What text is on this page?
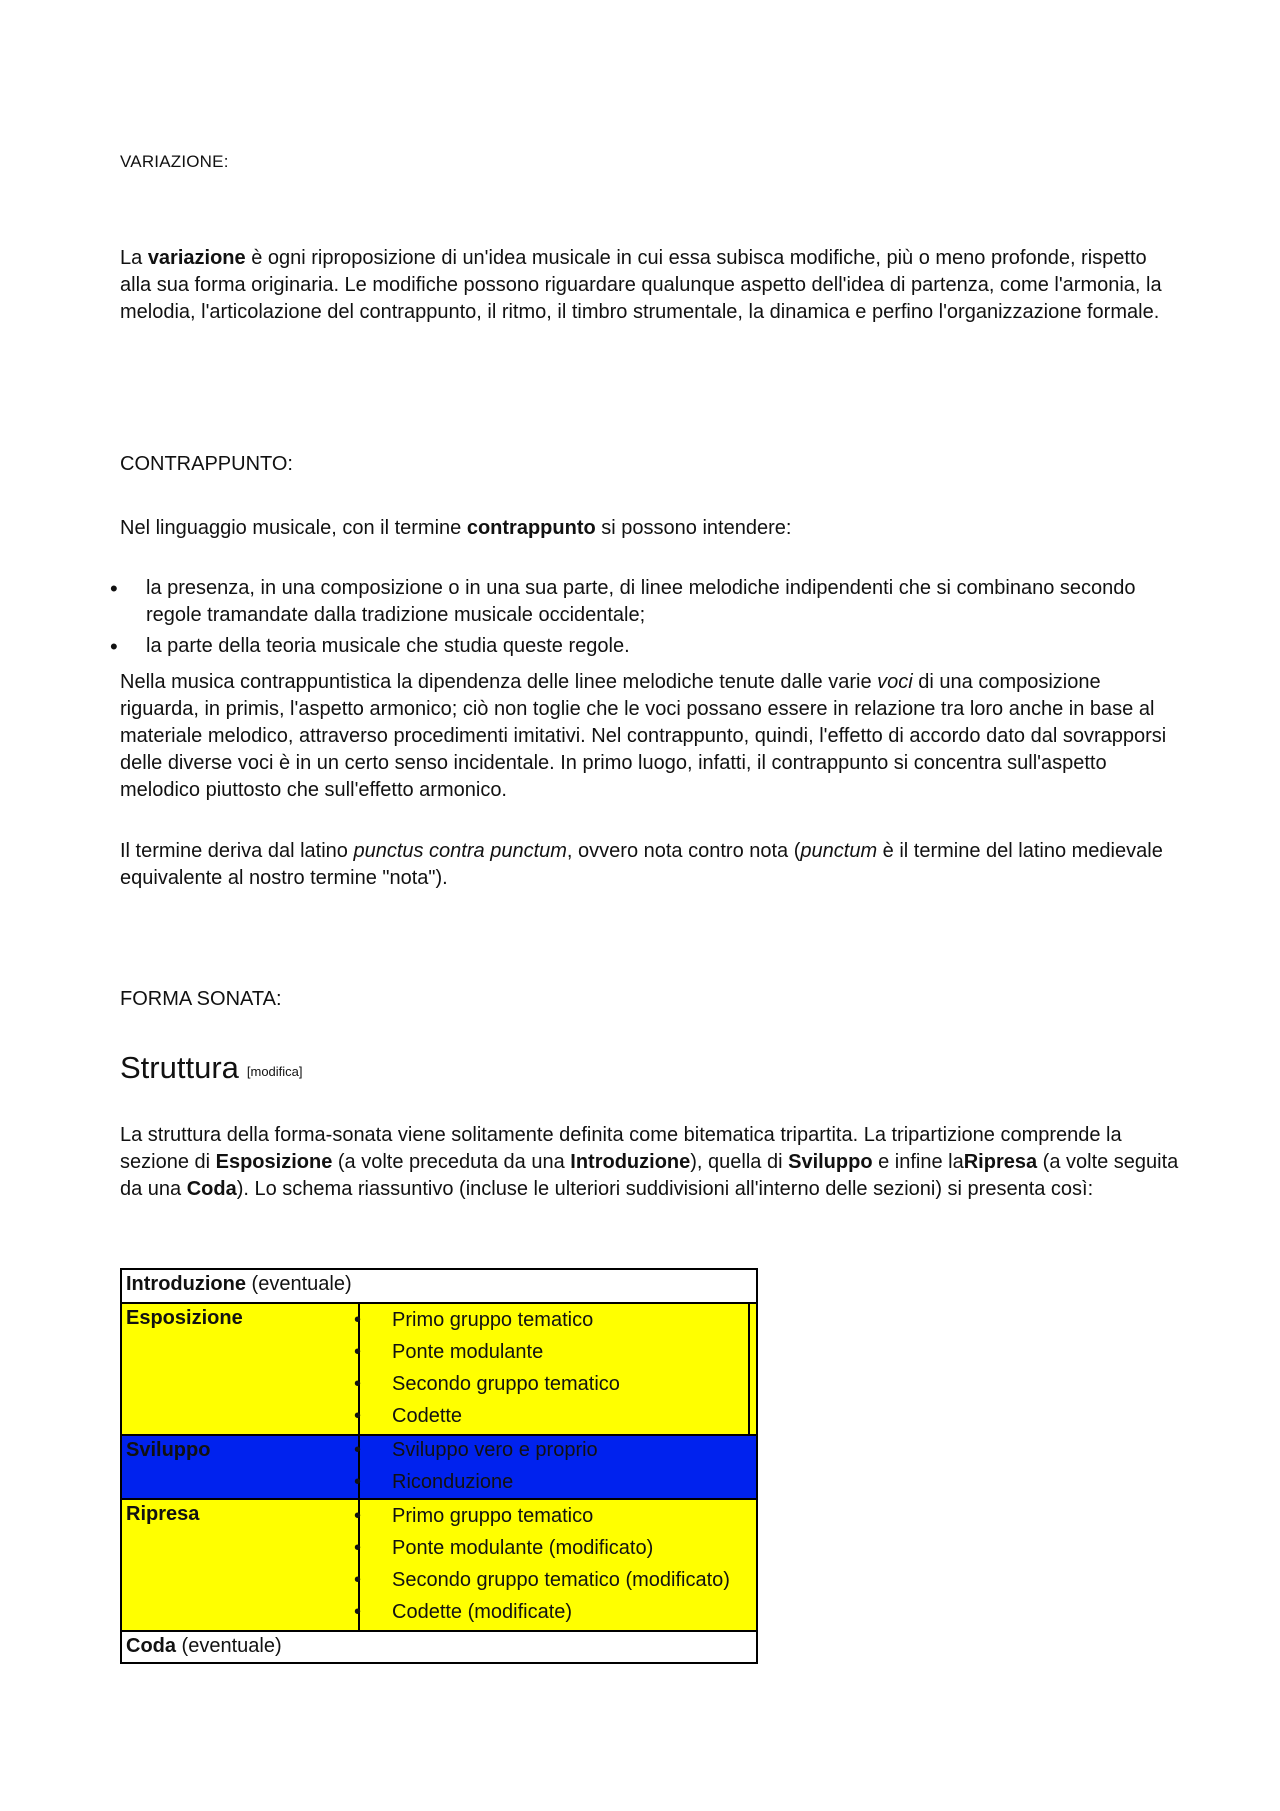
VARIAZIONE:
La variazione è ogni riproposizione di un'idea musicale in cui essa subisca modifiche, più o meno profonde, rispetto alla sua forma originaria. Le modifiche possono riguardare qualunque aspetto dell'idea di partenza, come l'armonia, la melodia, l'articolazione del contrappunto, il ritmo, il timbro strumentale, la dinamica e perfino l'organizzazione formale.
CONTRAPPUNTO:
Nel linguaggio musicale, con il termine contrappunto si possono intendere:
• la presenza, in una composizione o in una sua parte, di linee melodiche indipendenti che si combinano secondo regole tramandate dalla tradizione musicale occidentale;
• la parte della teoria musicale che studia queste regole.
Nella musica contrappuntistica la dipendenza delle linee melodiche tenute dalle varie voci di una composizione riguarda, in primis, l'aspetto armonico; ciò non toglie che le voci possano essere in relazione tra loro anche in base al materiale melodico, attraverso procedimenti imitativi. Nel contrappunto, quindi, l'effetto di accordo dato dal sovrapporsi delle diverse voci è in un certo senso incidentale. In primo luogo, infatti, il contrappunto si concentra sull'aspetto melodico piuttosto che sull'effetto armonico.
Il termine deriva dal latino punctus contra punctum, ovvero nota contro nota (punctum è il termine del latino medievale equivalente al nostro termine "nota").
FORMA SONATA:
Struttura [modifica]
La struttura della forma-sonata viene solitamente definita come bitematica tripartita. La tripartizione comprende la sezione di Esposizione (a volte preceduta da una Introduzione), quella di Sviluppo e infine laRipresa (a volte seguita da una Coda). Lo schema riassuntivo (incluse le ulteriori suddivisioni all'interno delle sezioni) si presenta così:
Introduzione (eventuale)
Esposizione	• Primo gruppo tematico
• Ponte modulante
• Secondo gruppo tematico
• Codette
Sviluppo	• Sviluppo vero e proprio
• Riconduzione
Ripresa	• Primo gruppo tematico
• Ponte modulante (modificato)
• Secondo gruppo tematico (modificato)
• Codette (modificate)
Coda (eventuale)
